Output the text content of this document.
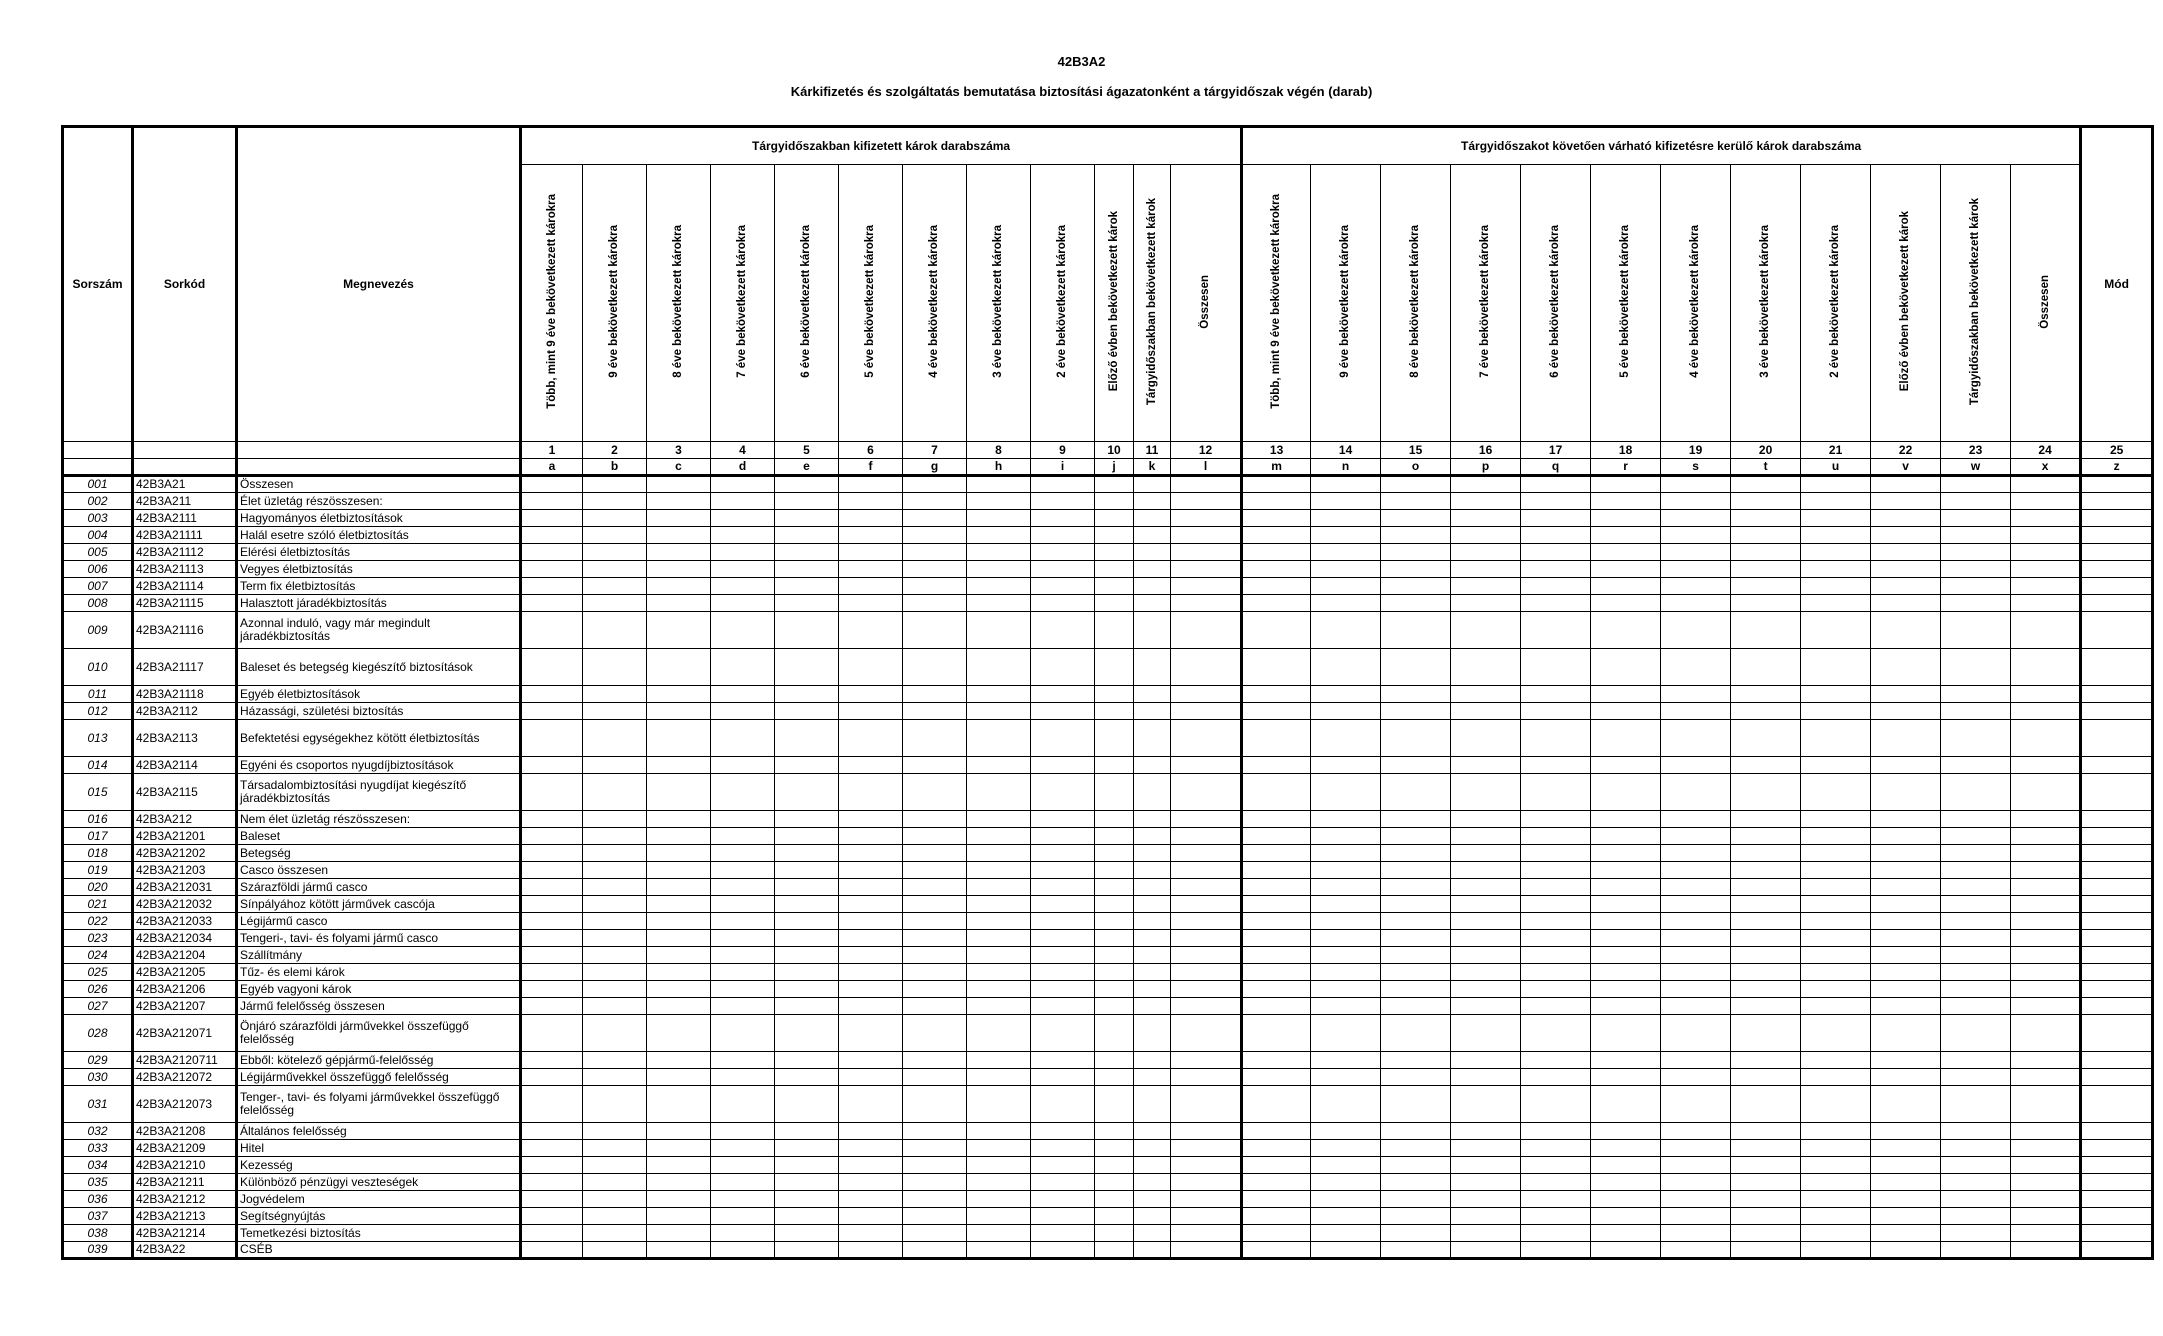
42B3A2
Kárkifizetés és szolgáltatás bemutatása biztosítási ágazatonként a tárgyidőszak végén (darab)
Sorszám	Sorkód	Megnevezés	Tárgyidőszakban kifizetett károk darabszáma												Tárgyidőszakot követően várható kifizetésre kerülő károk darabszáma												Mód
			Több, mint 9 éve bekövetkezett károkra	9 éve bekövetkezett károkra	8 éve bekövetkezett károkra	7 éve bekövetkezett károkra	6 éve bekövetkezett károkra	5 éve bekövetkezett károkra	4 éve bekövetkezett károkra	3 éve bekövetkezett károkra	2 éve bekövetkezett károkra	Előző évben bekövetkezett károk	Tárgyidőszakban bekövetkezett károk	Összesen	Több, mint 9 éve bekövetkezett károkra	9 éve bekövetkezett károkra	8 éve bekövetkezett károkra	7 éve bekövetkezett károkra	6 éve bekövetkezett károkra	5 éve bekövetkezett károkra	4 éve bekövetkezett károkra	3 éve bekövetkezett károkra	2 éve bekövetkezett károkra	Előző évben bekövetkezett károk	Tárgyidőszakban bekövetkezett károk	Összesen	
			1	2	3	4	5	6	7	8	9	10	11	12	13	14	15	16	17	18	19	20	21	22	23	24	25
			a	b	c	d	e	f	g	h	i	j	k	l	m	n	o	p	q	r	s	t	u	v	w	x	z
001	42B3A21	Összesen																									
002	42B3A211	Élet üzletág részösszesen:																									
003	42B3A2111	Hagyományos életbiztosítások																									
004	42B3A21111	Halál esetre szóló életbiztosítás																									
005	42B3A21112	Elérési életbiztosítás																									
006	42B3A21113	Vegyes életbiztosítás																									
007	42B3A21114	Term fix életbiztosítás																									
008	42B3A21115	Halasztott járadékbiztosítás																									
009	42B3A21116	Azonnal induló, vagy már megindult járadékbiztosítás																									
010	42B3A21117	Baleset és betegség kiegészítő biztosítások																									
011	42B3A21118	Egyéb életbiztosítások																									
012	42B3A2112	Házassági, születési biztosítás																									
013	42B3A2113	Befektetési egységekhez kötött életbiztosítás																									
014	42B3A2114	Egyéni és csoportos nyugdíjbiztosítások																									
015	42B3A2115	Társadalombiztosítási nyugdíjat kiegészítő járadékbiztosítás																									
016	42B3A212	Nem élet üzletág részösszesen:																									
017	42B3A21201	Baleset																									
018	42B3A21202	Betegség																									
019	42B3A21203	Casco összesen																									
020	42B3A212031	Szárazföldi jármű casco																									
021	42B3A212032	Sínpályához kötött járművek cascója																									
022	42B3A212033	Légijármű casco																									
023	42B3A212034	Tengeri-, tavi- és folyami jármű casco																									
024	42B3A21204	Szállítmány																									
025	42B3A21205	Tűz- és elemi károk																									
026	42B3A21206	Egyéb vagyoni károk																									
027	42B3A21207	Jármű felelősség összesen																									
028	42B3A212071	Önjáró szárazföldi járművekkel összefüggő felelősség																									
029	42B3A2120711	Ebből: kötelező gépjármű-felelősség																									
030	42B3A212072	Légijárművekkel összefüggő felelősség																									
031	42B3A212073	Tenger-, tavi- és folyami járművekkel összefüggő felelősség																									
032	42B3A21208	Általános felelősség																									
033	42B3A21209	Hitel																									
034	42B3A21210	Kezesség																									
035	42B3A21211	Különböző pénzügyi veszteségek																									
036	42B3A21212	Jogvédelem																									
037	42B3A21213	Segítségnyújtás																									
038	42B3A21214	Temetkezési biztosítás																									
039	42B3A22	CSÉB																									
